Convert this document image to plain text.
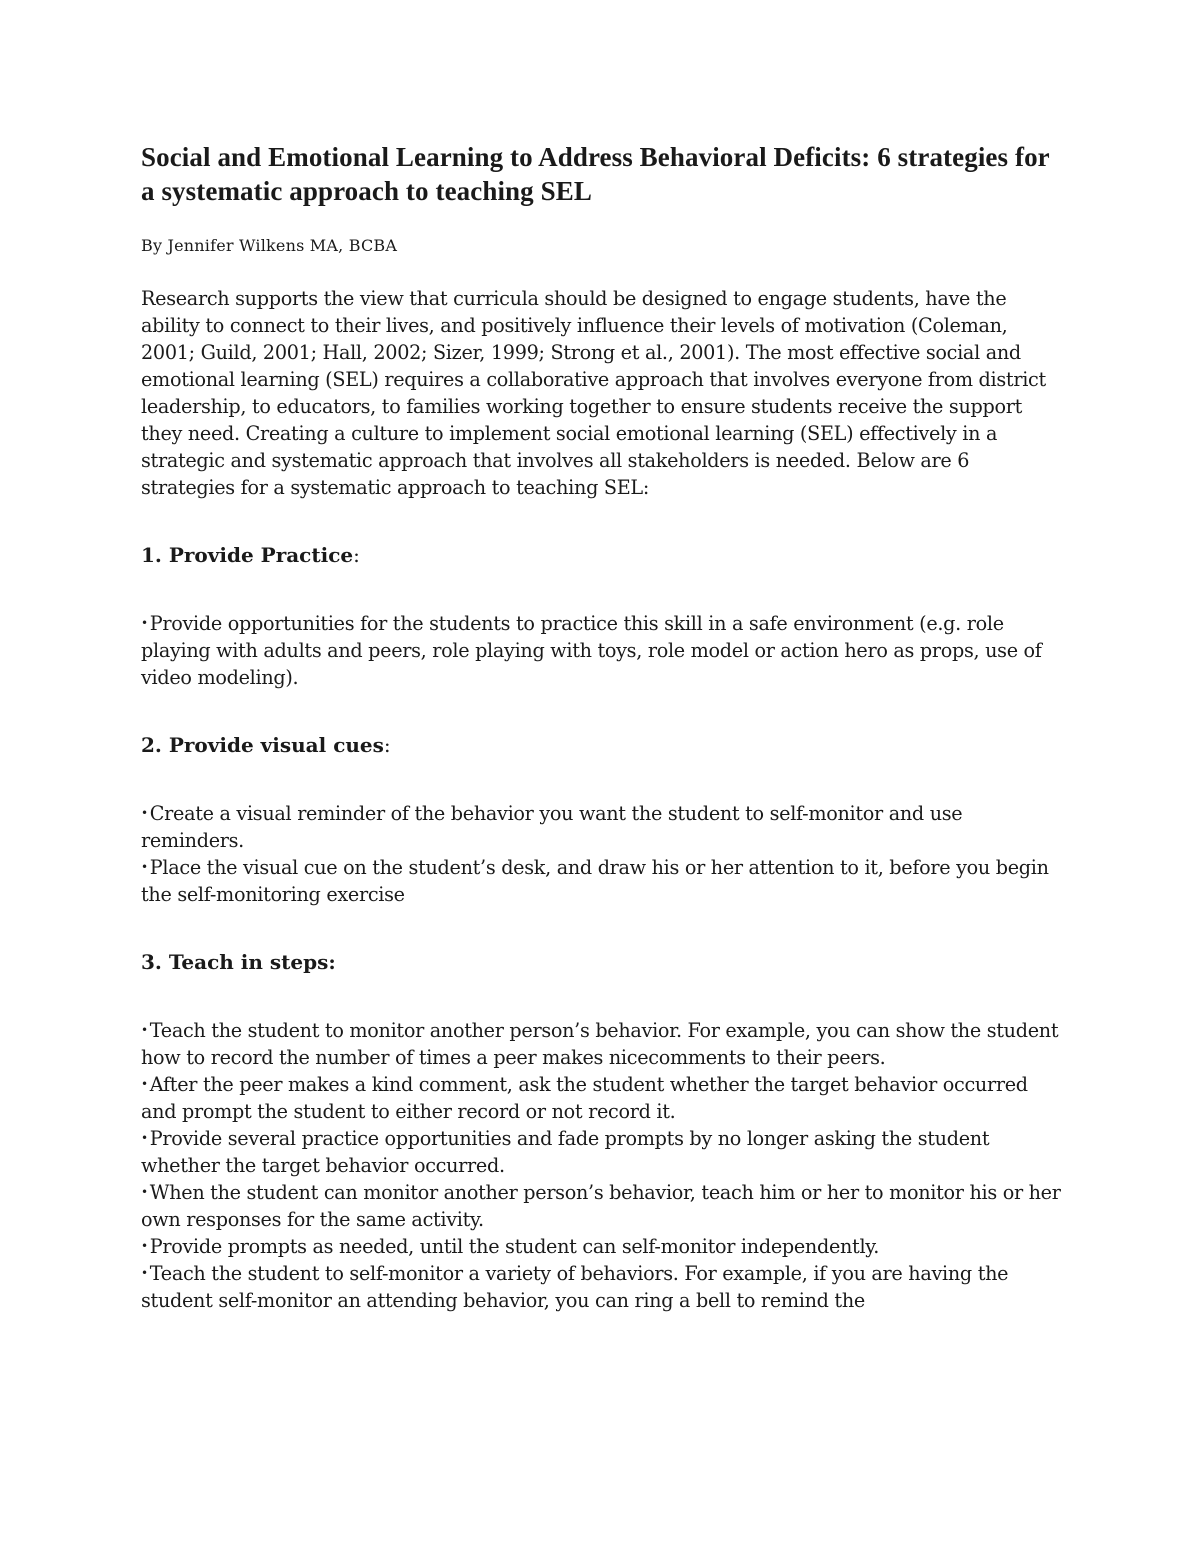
Social and Emotional Learning to Address Behavioral Deficits: 6 strategies for a systematic approach to teaching SEL

By Jennifer Wilkens MA, BCBA

Research supports the view that curricula should be designed to engage students, have the ability to connect to their lives, and positively influence their levels of motivation (Coleman, 2001; Guild, 2001; Hall, 2002; Sizer, 1999; Strong et al., 2001). The most effective social and emotional learning (SEL) requires a collaborative approach that involves everyone from district leadership, to educators, to families working together to ensure students receive the support they need. Creating a culture to implement social emotional learning (SEL) effectively in a strategic and systematic approach that involves all stakeholders is needed. Below are 6 strategies for a systematic approach to teaching SEL:

1. Provide Practice:
• Provide opportunities for the students to practice this skill in a safe environment (e.g. role playing with adults and peers, role playing with toys, role model or action hero as props, use of video modeling).
2. Provide visual cues:
• Create a visual reminder of the behavior you want the student to self-monitor and use reminders.
• Place the visual cue on the student’s desk, and draw his or her attention to it, before you begin the self-monitoring exercise
3. Teach in steps:
• Teach the student to monitor another person’s behavior. For example, you can show the student how to record the number of times a peer makes nicecomments to their peers.
• After the peer makes a kind comment, ask the student whether the target behavior occurred and prompt the student to either record or not record it.
• Provide several practice opportunities and fade prompts by no longer asking the student whether the target behavior occurred.
• When the student can monitor another person’s behavior, teach him or her to monitor his or her own responses for the same activity.
• Provide prompts as needed, until the student can self-monitor independently.
• Teach the student to self-monitor a variety of behaviors. For example, if you are having the student self-monitor an attending behavior, you can ring a bell to remind the
